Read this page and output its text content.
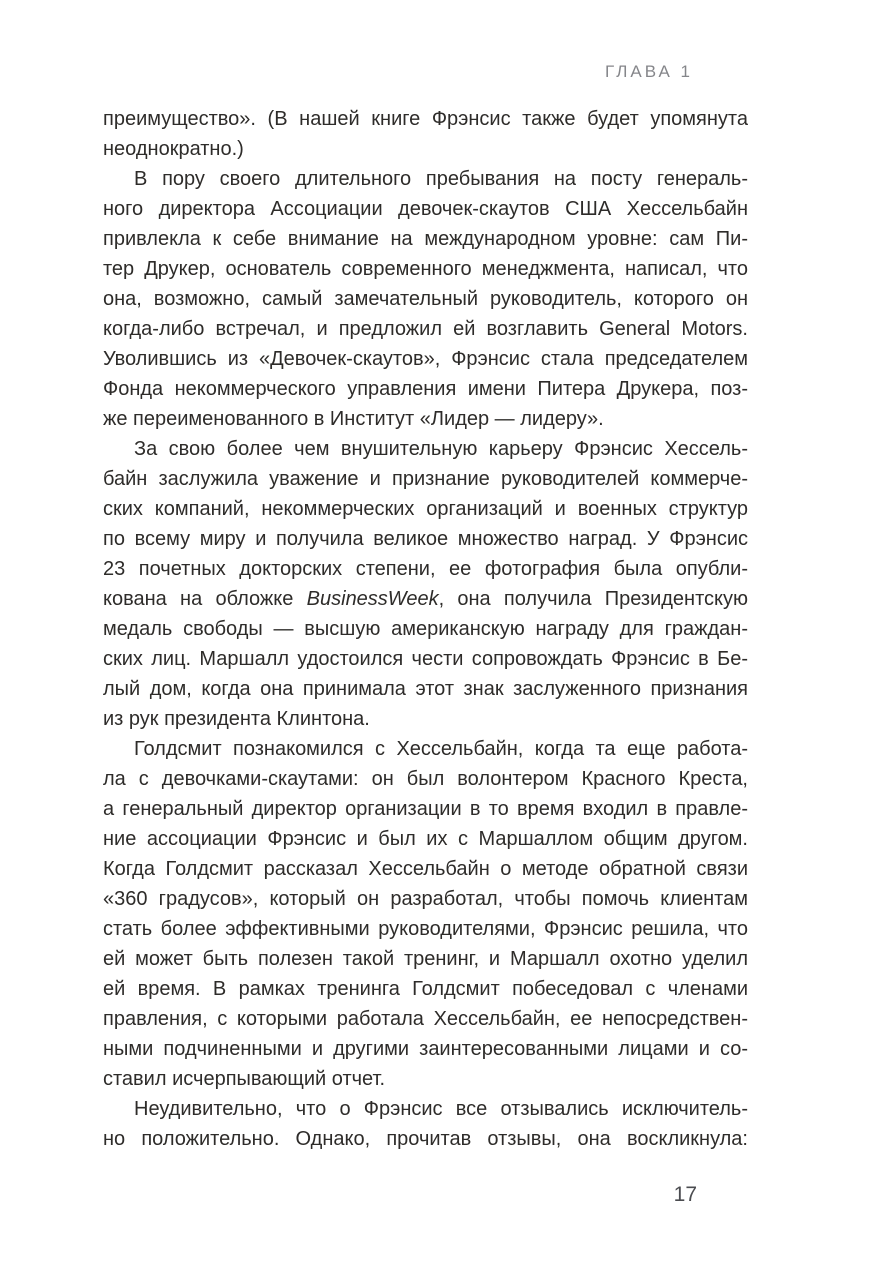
ГЛАВА 1
преимущество». (В нашей книге Фрэнсис также будет упомянута
неоднократно.)
В пору своего длительного пребывания на посту генераль-
ного директора Ассоциации девочек-скаутов США Хессельбайн
привлекла к себе внимание на международном уровне: сам Пи-
тер Друкер, основатель современного менеджмента, написал, что
она, возможно, самый замечательный руководитель, которого он
когда-либо встречал, и предложил ей возглавить General Motors.
Уволившись из «Девочек-скаутов», Фрэнсис стала председателем
Фонда некоммерческого управления имени Питера Друкера, поз-
же переименованного в Институт «Лидер — лидеру».
За свою более чем внушительную карьеру Фрэнсис Хессель-
байн заслужила уважение и признание руководителей коммерче-
ских компаний, некоммерческих организаций и военных структур
по всему миру и получила великое множество наград. У Фрэнсис
23 почетных докторских степени, ее фотография была опубли-
кована на обложке BusinessWeek, она получила Президентскую
медаль свободы — высшую американскую награду для граждан-
ских лиц. Маршалл удостоился чести сопровождать Фрэнсис в Бе-
лый дом, когда она принимала этот знак заслуженного признания
из рук президента Клинтона.
Голдсмит познакомился с Хессельбайн, когда та еще работа-
ла с девочками-скаутами: он был волонтером Красного Креста,
а генеральный директор организации в то время входил в правле-
ние ассоциации Фрэнсис и был их с Маршаллом общим другом.
Когда Голдсмит рассказал Хессельбайн о методе обратной связи
«360 градусов», который он разработал, чтобы помочь клиентам
стать более эффективными руководителями, Фрэнсис решила, что
ей может быть полезен такой тренинг, и Маршалл охотно уделил
ей время. В рамках тренинга Голдсмит побеседовал с членами
правления, с которыми работала Хессельбайн, ее непосредствен-
ными подчиненными и другими заинтересованными лицами и со-
ставил исчерпывающий отчет.
Неудивительно, что о Фрэнсис все отзывались исключитель-
но положительно. Однако, прочитав отзывы, она воскликнула:
17
